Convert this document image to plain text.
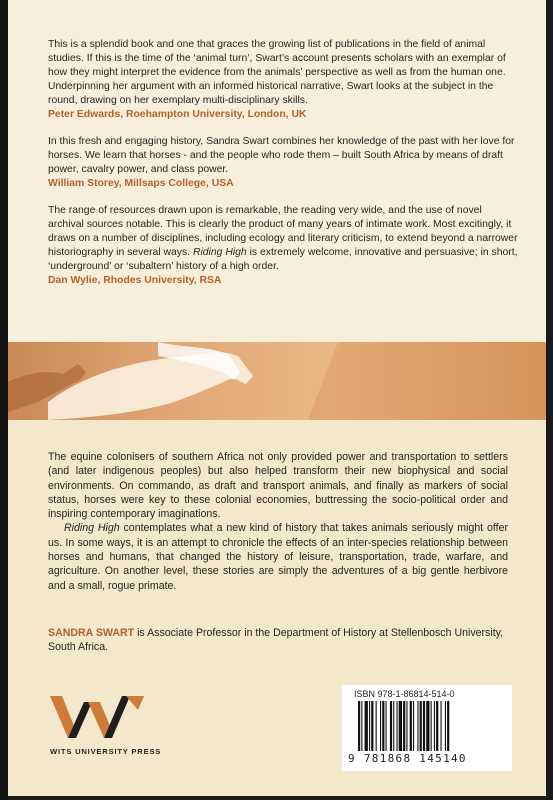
This is a splendid book and one that graces the growing list of publications in the field of animal studies. If this is the time of the ‘animal turn’, Swart’s account presents scholars with an exemplar of how they might interpret the evidence from the animals’ perspective as well as from the human one. Underpinning her argument with an informed historical narrative, Swart looks at the subject in the round, drawing on her exemplary multi-disciplinary skills.

Peter Edwards, Roehampton University, London, UK

In this fresh and engaging history, Sandra Swart combines her knowledge of the past with her love for horses. We learn that horses - and the people who rode them – built South Africa by means of draft power, cavalry power, and class power.

William Storey, Millsaps College, USA

The range of resources drawn upon is remarkable, the reading very wide, and the use of novel archival sources notable. This is clearly the product of many years of intimate work. Most excitingly, it draws on a number of disciplines, including ecology and literary criticism, to extend beyond a narrower historiography in several ways. Riding High is extremely welcome, innovative and persuasive; in short, ‘underground’ or ‘subaltern’ history of a high order.

Dan Wylie, Rhodes University, RSA

The equine colonisers of southern Africa not only provided power and transportation to settlers (and later indigenous peoples) but also helped transform their new biophysical and social environments. On commando, as draft and transport animals, and finally as markers of social status, horses were key to these colonial economies, buttressing the socio-political order and inspiring contemporary imaginations.

Riding High contemplates what a new kind of history that takes animals seriously might offer us. In some ways, it is an attempt to chronicle the effects of an inter-species relationship between horses and humans, that changed the history of leisure, transportation, trade, warfare, and agriculture. On another level, these stories are simply the adventures of a big gentle herbivore and a small, rogue primate.

SANDRA SWART is Associate Professor in the Department of History at Stellenbosch University, South Africa.
WITS UNIVERSITY PRESS
ISBN 978-1-86814-514-0
9 781868 145140
